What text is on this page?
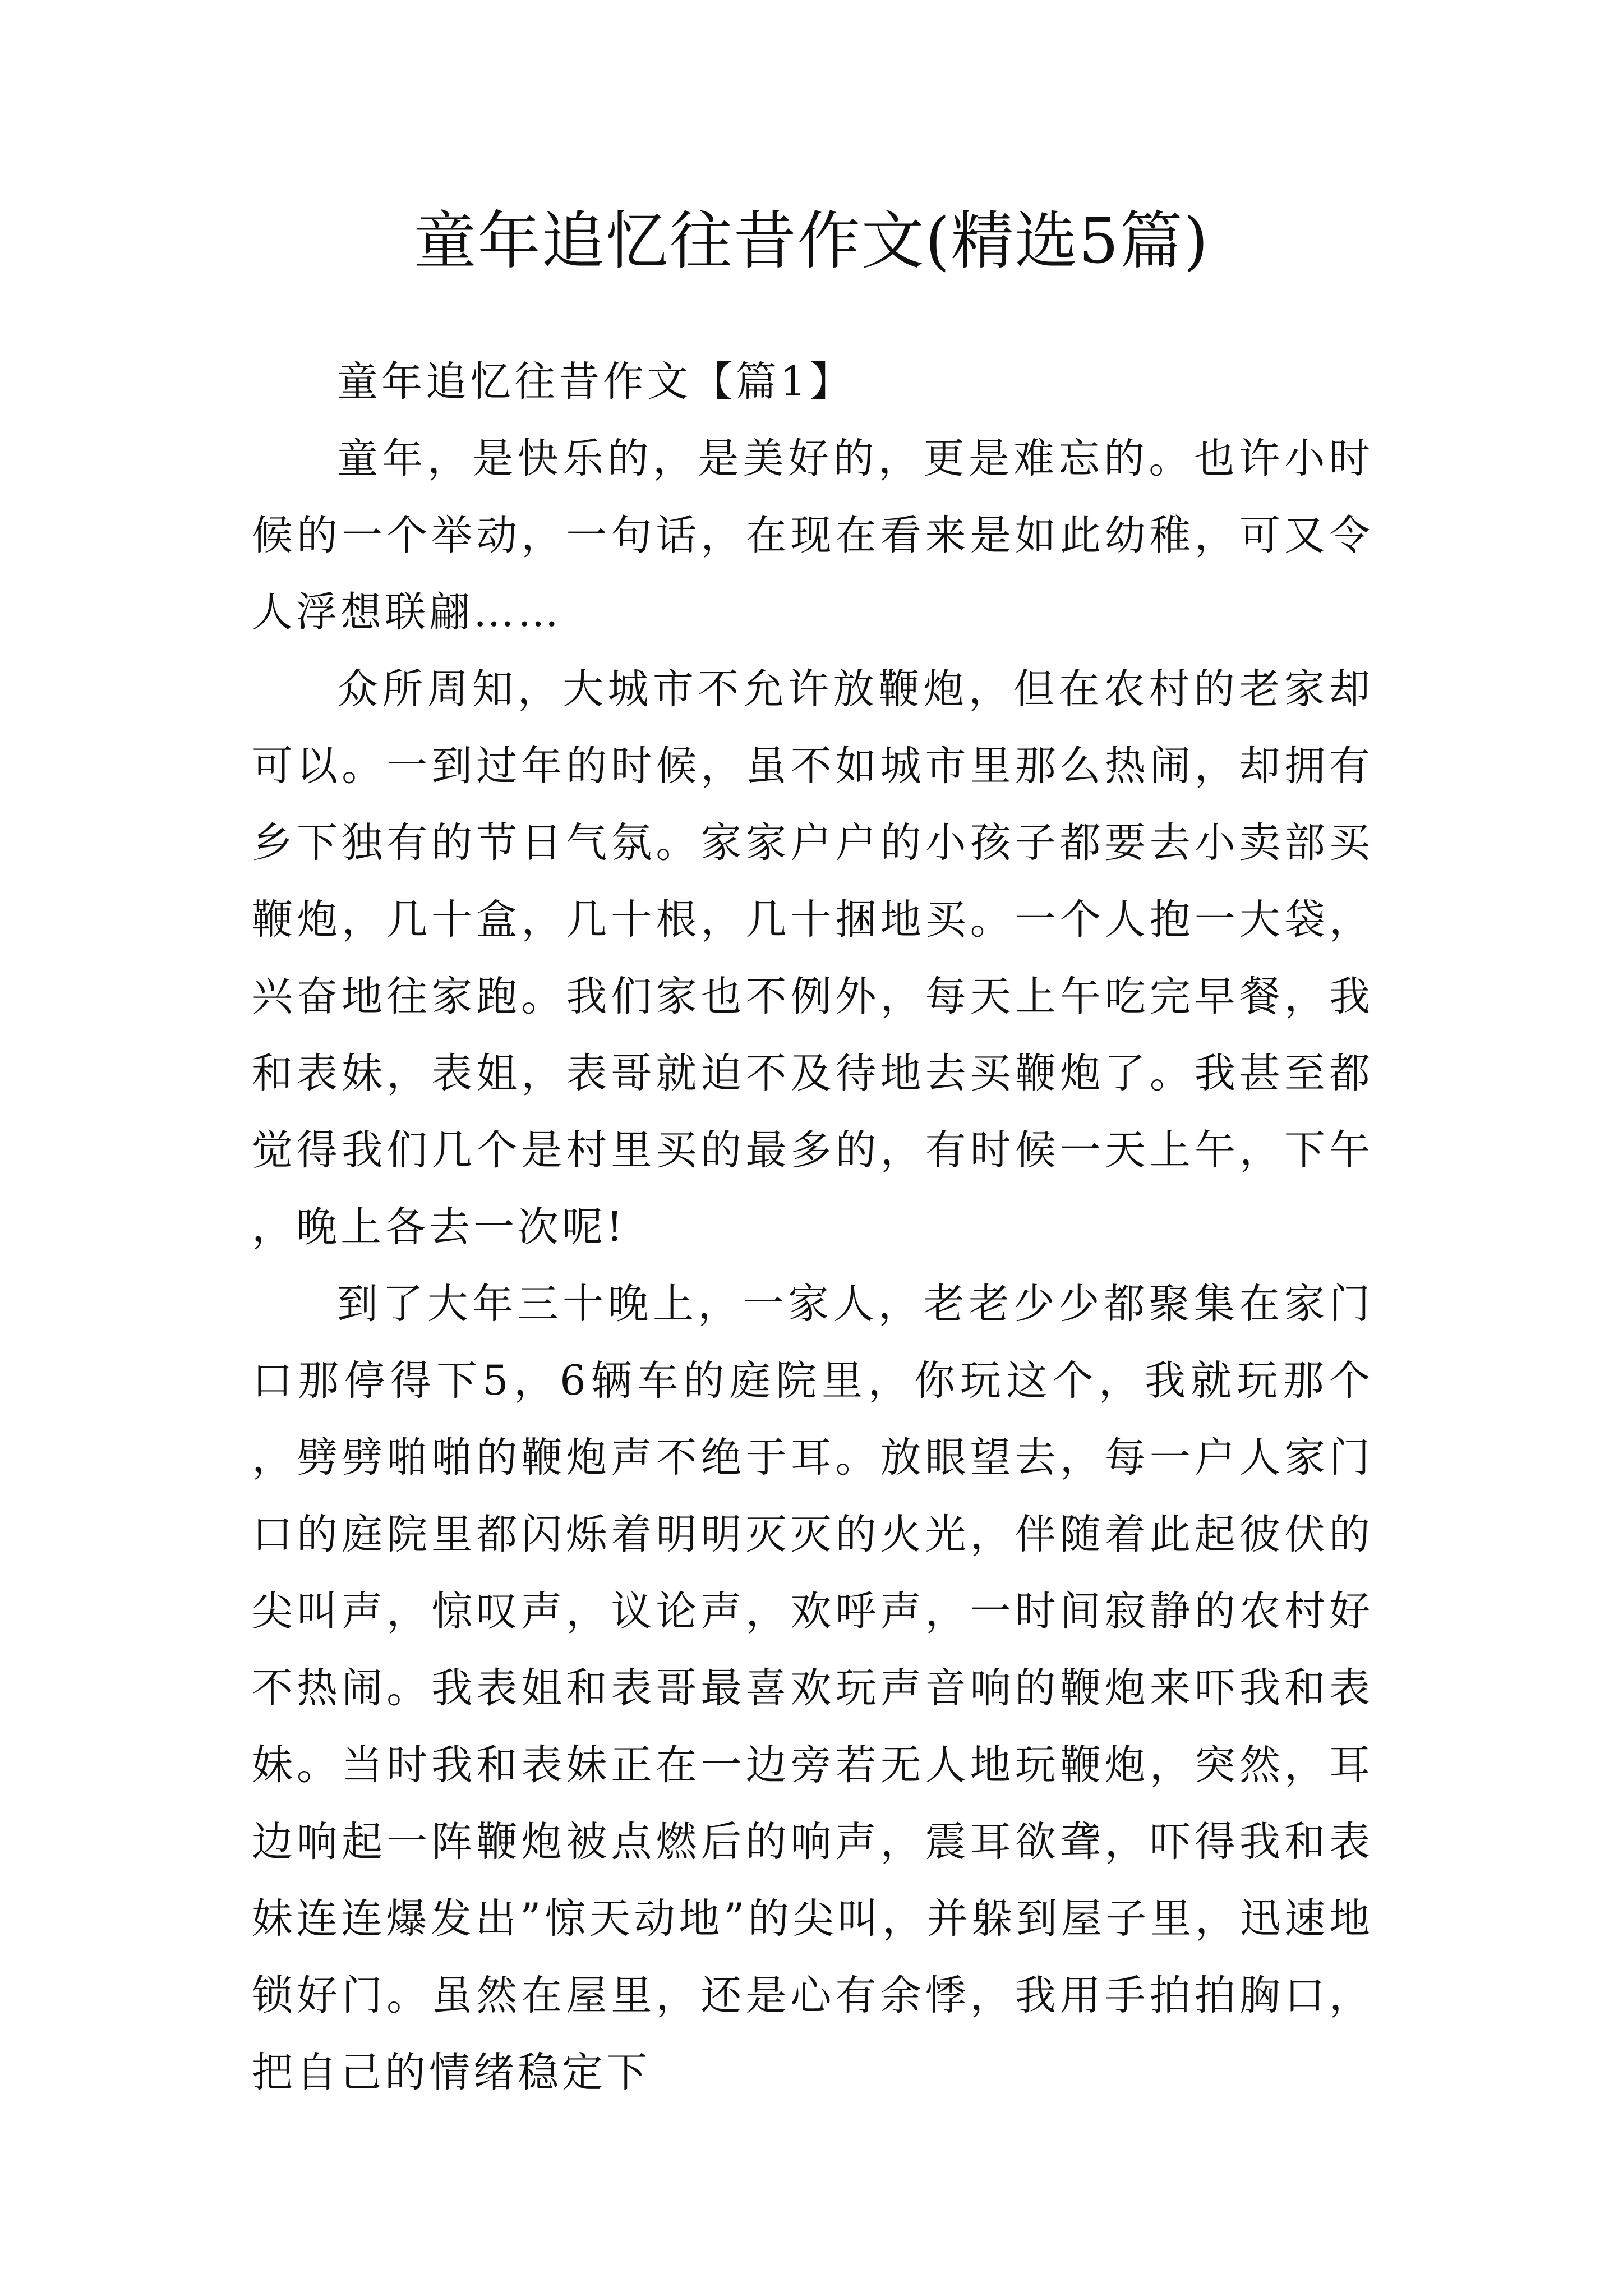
童年追忆往昔作文(精选5篇)

童年追忆往昔作文【篇1】

童年，是快乐的，是美好的，更是难忘的。也许小时候的一个举动，一句话，在现在看来是如此幼稚，可又令人浮想联翩……

众所周知，大城市不允许放鞭炮，但在农村的老家却可以。一到过年的时候，虽不如城市里那么热闹，却拥有乡下独有的节日气氛。家家户户的小孩子都要去小卖部买鞭炮，几十盒，几十根，几十捆地买。一个人抱一大袋，兴奋地往家跑。我们家也不例外，每天上午吃完早餐，我和表妹，表姐，表哥就迫不及待地去买鞭炮了。我甚至都觉得我们几个是村里买的最多的，有时候一天上午，下午，晚上各去一次呢!

到了大年三十晚上，一家人，老老少少都聚集在家门口那停得下5，6辆车的庭院里，你玩这个，我就玩那个，劈劈啪啪的鞭炮声不绝于耳。放眼望去，每一户人家门口的庭院里都闪烁着明明灭灭的火光，伴随着此起彼伏的尖叫声，惊叹声，议论声，欢呼声，一时间寂静的农村好不热闹。我表姐和表哥最喜欢玩声音响的鞭炮来吓我和表妹。当时我和表妹正在一边旁若无人地玩鞭炮，突然，耳边响起一阵鞭炮被点燃后的响声，震耳欲聋，吓得我和表妹连连爆发出”惊天动地”的尖叫，并躲到屋子里，迅速地锁好门。虽然在屋里，还是心有余悸，我用手拍拍胸口，把自己的情绪稳定下
